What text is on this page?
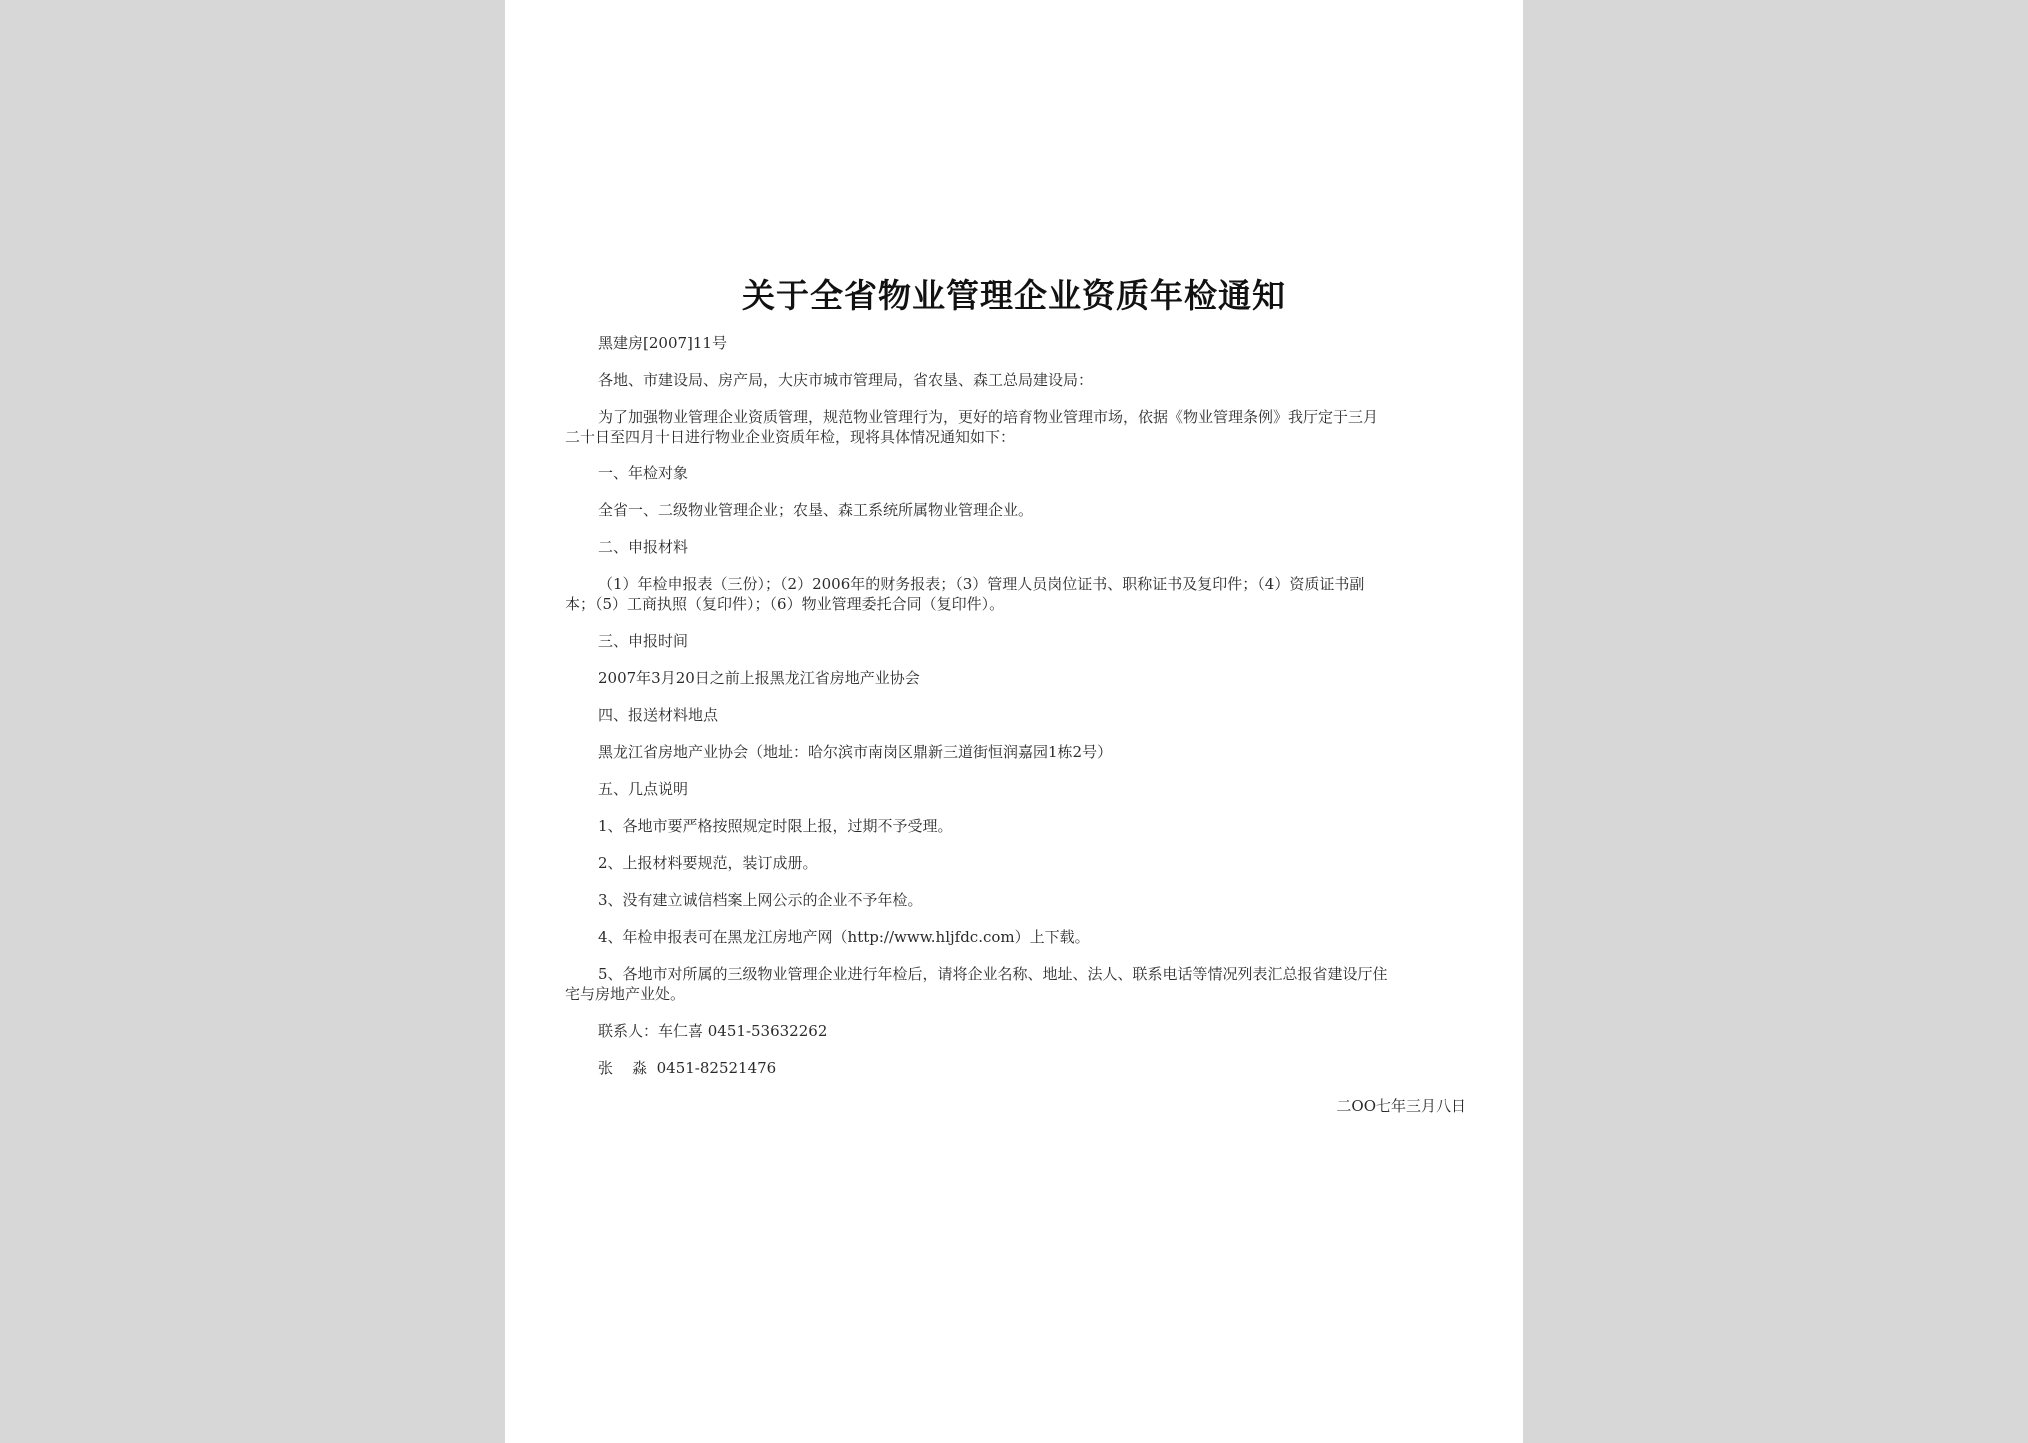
关于全省物业管理企业资质年检通知
黑建房[2007]11号
各地、市建设局、房产局，大庆市城市管理局，省农垦、森工总局建设局：
为了加强物业管理企业资质管理，规范物业管理行为，更好的培育物业管理市场，依据《物业管理条例》我厅定于三月
二十日至四月十日进行物业企业资质年检，现将具体情况通知如下：
一、年检对象
全省一、二级物业管理企业；农垦、森工系统所属物业管理企业。
二、申报材料
（1）年检申报表（三份）；（2）2006年的财务报表；（3）管理人员岗位证书、职称证书及复印件；（4）资质证书副
本；（5）工商执照（复印件）；（6）物业管理委托合同（复印件）。
三、申报时间
2007年3月20日之前上报黑龙江省房地产业协会
四、报送材料地点
黑龙江省房地产业协会（地址：哈尔滨市南岗区鼎新三道街恒润嘉园1栋2号）
五、几点说明
1、各地市要严格按照规定时限上报，过期不予受理。
2、上报材料要规范，装订成册。
3、没有建立诚信档案上网公示的企业不予年检。
4、年检申报表可在黑龙江房地产网（http://www.hljfdc.com）上下载。
5、各地市对所属的三级物业管理企业进行年检后，请将企业名称、地址、法人、联系电话等情况列表汇总报省建设厅住
宅与房地产业处。
联系人：车仁喜 0451-53632262
张    淼  0451-82521476
二OO七年三月八日
